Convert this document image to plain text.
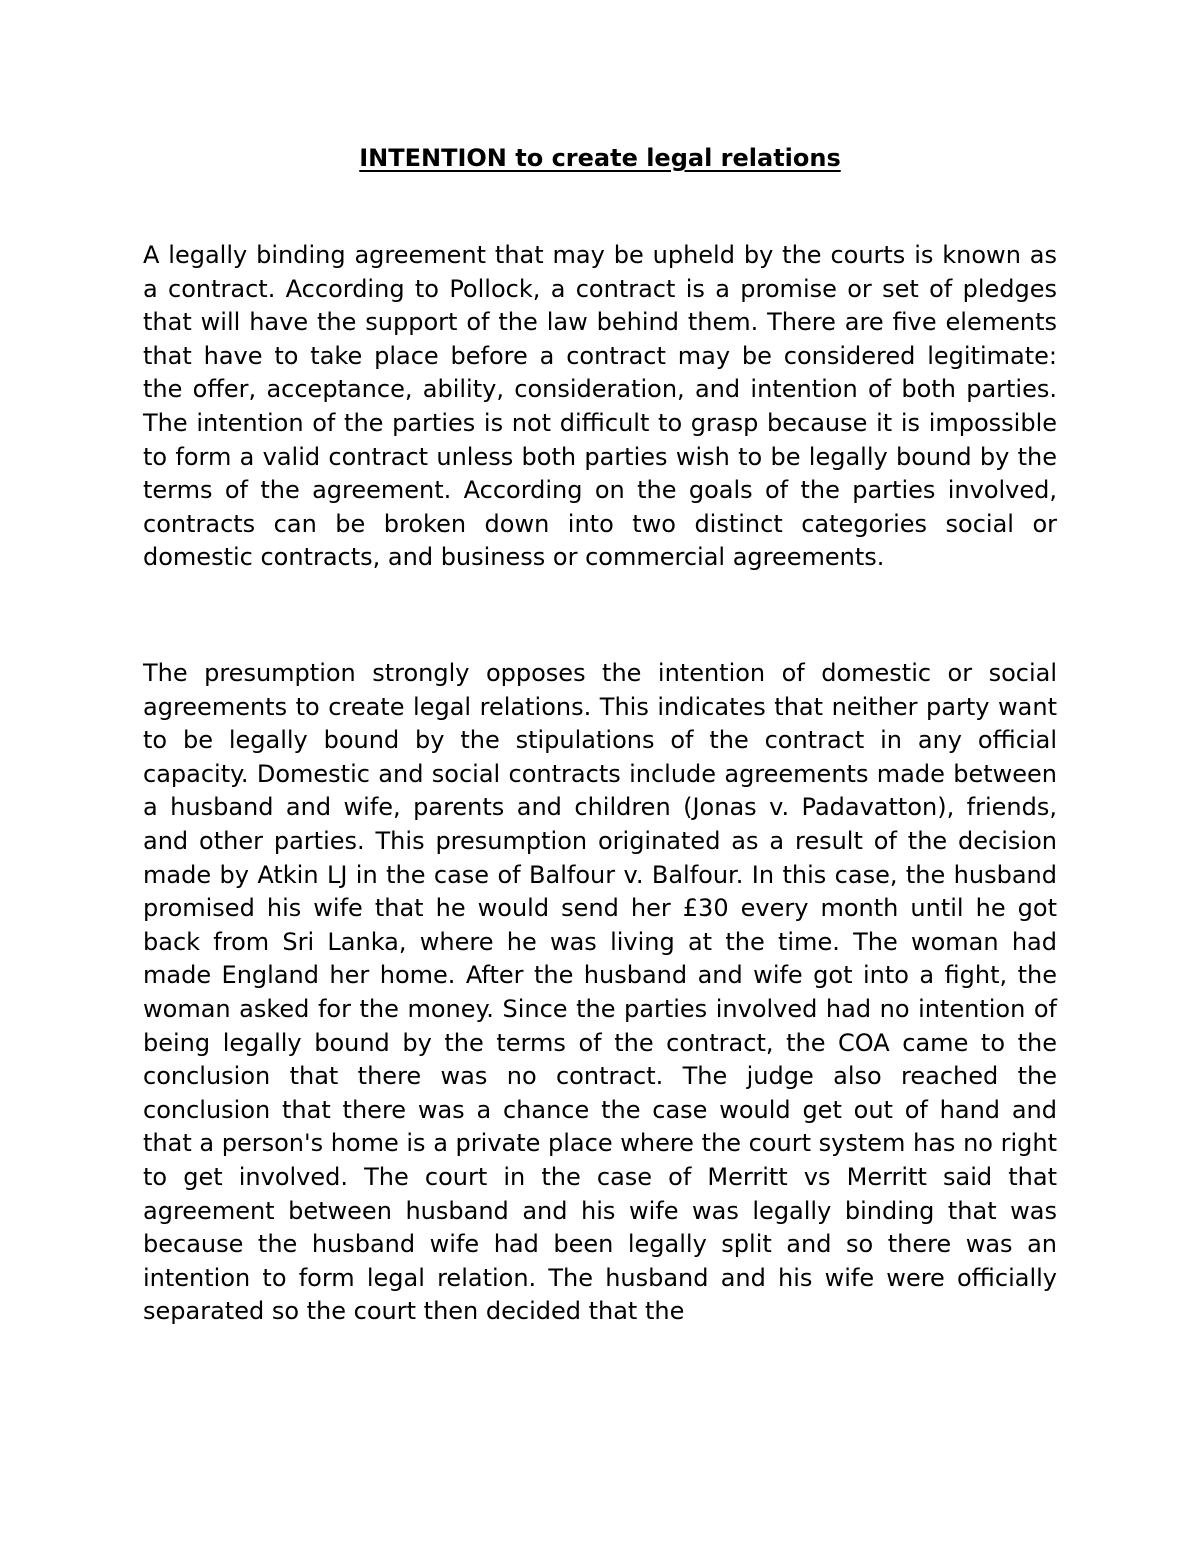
INTENTION to create legal relations

A legally binding agreement that may be upheld by the courts is known as a contract. According to Pollock, a contract is a promise or set of pledges that will have the support of the law behind them. There are five elements that have to take place before a contract may be considered legitimate: the offer, acceptance, ability, consideration, and intention of both parties. The intention of the parties is not difficult to grasp because it is impossible to form a valid contract unless both parties wish to be legally bound by the terms of the agreement. According on the goals of the parties involved, contracts can be broken down into two distinct categories social or domestic contracts, and business or commercial agreements.

The presumption strongly opposes the intention of domestic or social agreements to create legal relations. This indicates that neither party want to be legally bound by the stipulations of the contract in any official capacity. Domestic and social contracts include agreements made between a husband and wife, parents and children (Jonas v. Padavatton), friends, and other parties. This presumption originated as a result of the decision made by Atkin LJ in the case of Balfour v. Balfour. In this case, the husband promised his wife that he would send her £30 every month until he got back from Sri Lanka, where he was living at the time. The woman had made England her home. After the husband and wife got into a fight, the woman asked for the money. Since the parties involved had no intention of being legally bound by the terms of the contract, the COA came to the conclusion that there was no contract. The judge also reached the conclusion that there was a chance the case would get out of hand and that a person's home is a private place where the court system has no right to get involved. The court in the case of Merritt vs Merritt said that agreement between husband and his wife was legally binding that was because the husband wife had been legally split and so there was an intention to form legal relation. The husband and his wife were officially separated so the court then decided that the
